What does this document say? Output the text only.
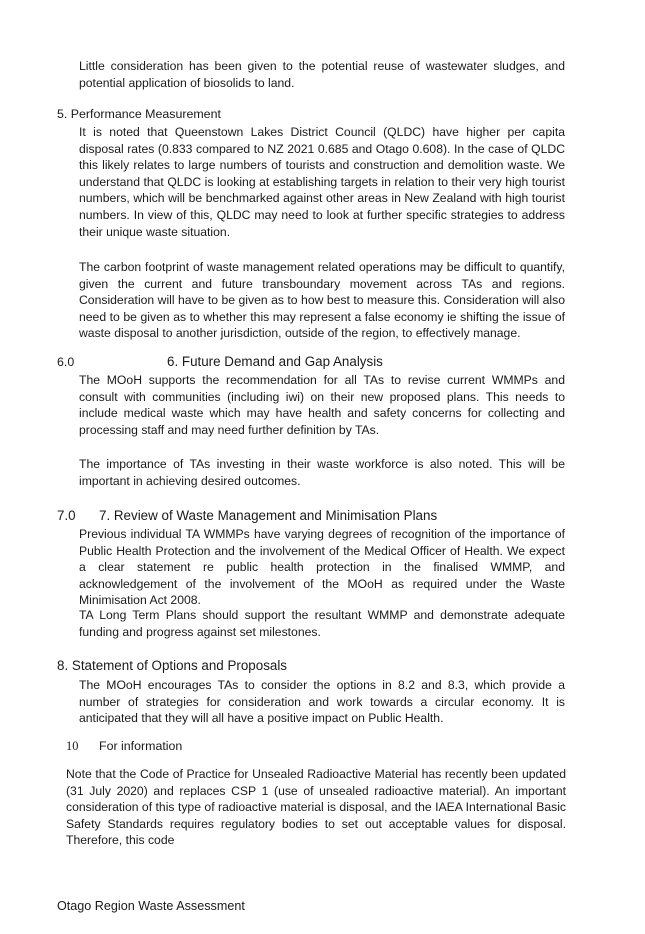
Little consideration has been given to the potential reuse of wastewater sludges, and potential application of biosolids to land.

5. Performance Measurement

It is noted that Queenstown Lakes District Council (QLDC) have higher per capita disposal rates (0.833 compared to NZ 2021 0.685 and Otago 0.608). In the case of QLDC this likely relates to large numbers of tourists and construction and demolition waste. We understand that QLDC is looking at establishing targets in relation to their very high tourist numbers, which will be benchmarked against other areas in New Zealand with high tourist numbers. In view of this, QLDC may need to look at further specific strategies to address their unique waste situation.

The carbon footprint of waste management related operations may be difficult to quantify, given the current and future transboundary movement across TAs and regions. Consideration will have to be given as to how best to measure this. Consideration will also need to be given as to whether this may represent a false economy ie shifting the issue of waste disposal to another jurisdiction, outside of the region, to effectively manage.

6.0	6. Future Demand and Gap Analysis

The MOoH supports the recommendation for all TAs to revise current WMMPs and consult with communities (including iwi) on their new proposed plans. This needs to include medical waste which may have health and safety concerns for collecting and processing staff and may need further definition by TAs.

The importance of TAs investing in their waste workforce is also noted. This will be important in achieving desired outcomes.

7.0 7. Review of Waste Management and Minimisation Plans

Previous individual TA WMMPs have varying degrees of recognition of the importance of Public Health Protection and the involvement of the Medical Officer of Health. We expect a clear statement re public health protection in the finalised WMMP, and acknowledgement of the involvement of the MOoH as required under the Waste Minimisation Act 2008.

TA Long Term Plans should support the resultant WMMP and demonstrate adequate funding and progress against set milestones.

8. Statement of Options and Proposals

The MOoH encourages TAs to consider the options in 8.2 and 8.3, which provide a number of strategies for consideration and work towards a circular economy. It is anticipated that they will all have a positive impact on Public Health.

10 For information

Note that the Code of Practice for Unsealed Radioactive Material has recently been updated (31 July 2020) and replaces CSP 1 (use of unsealed radioactive material). An important consideration of this type of radioactive material is disposal, and the IAEA International Basic Safety Standards requires regulatory bodies to set out acceptable values for disposal. Therefore, this code

Otago Region Waste Assessment
